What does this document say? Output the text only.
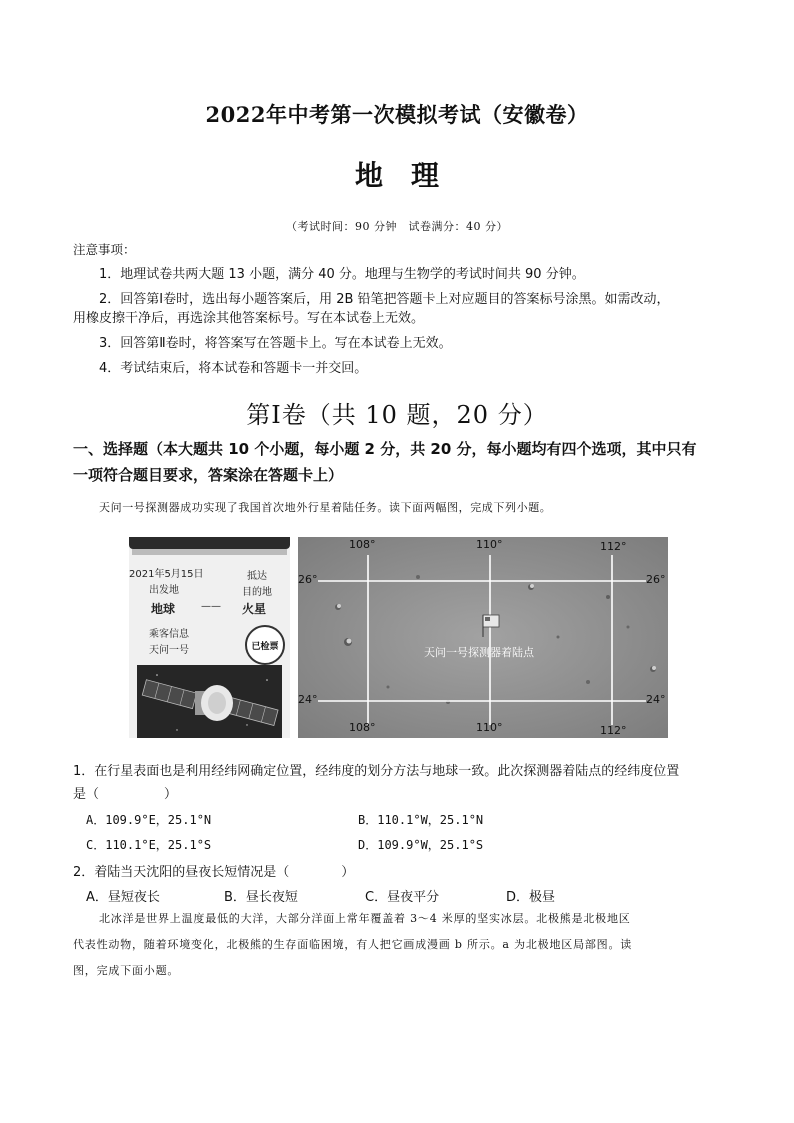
2022年中考第一次模拟考试（安徽卷）
地理
（考试时间：90 分钟　试卷满分：40 分）
注意事项：

1．地理试卷共两大题 13 小题，满分 40 分。地理与生物学的考试时间共 90 分钟。

2．回答第Ⅰ卷时，选出每小题答案后，用 2B 铅笔把答题卡上对应题目的答案标号涂黑。如需改动，

用橡皮擦干净后，再选涂其他答案标号。写在本试卷上无效。

3．回答第Ⅱ卷时，将答案写在答题卡上。写在本试卷上无效。

4．考试结束后，将本试卷和答题卡一并交回。

第Ⅰ卷（共 10 题，20 分）
一、选择题（本大题共 10 个小题，每小题 2 分，共 20 分，每小题均有四个选项，其中只有
一项符合题目要求，答案涂在答题卡上）
天问一号探测器成功实现了我国首次地外行星着陆任务。读下面两幅图，完成下列小题。
2021年5月15日
出发地
抵达
目的地
地球	—— 火星
乘客信息
天问一号	已检票
108°	110°	112°
26°	26°
24°	24°
108°	110°	112°
天问一号探测器着陆点
1．在行星表面也是利用经纬网确定位置，经纬度的划分方法与地球一致。此次探测器着陆点的经纬度位置
是（　　　　　）
A．109.9°E，25.1°N	B．110.1°W，25.1°N
C．110.1°E，25.1°S	D．109.9°W，25.1°S
2．着陆当天沈阳的昼夜长短情况是（　　　　）
A．昼短夜长	B．昼长夜短	C．昼夜平分	D．极昼

北冰洋是世界上温度最低的大洋，大部分洋面上常年覆盖着 3～4 米厚的坚实冰层。北极熊是北极地区

代表性动物，随着环境变化，北极熊的生存面临困境，有人把它画成漫画 b 所示。a 为北极地区局部图。读
图，完成下面小题。
